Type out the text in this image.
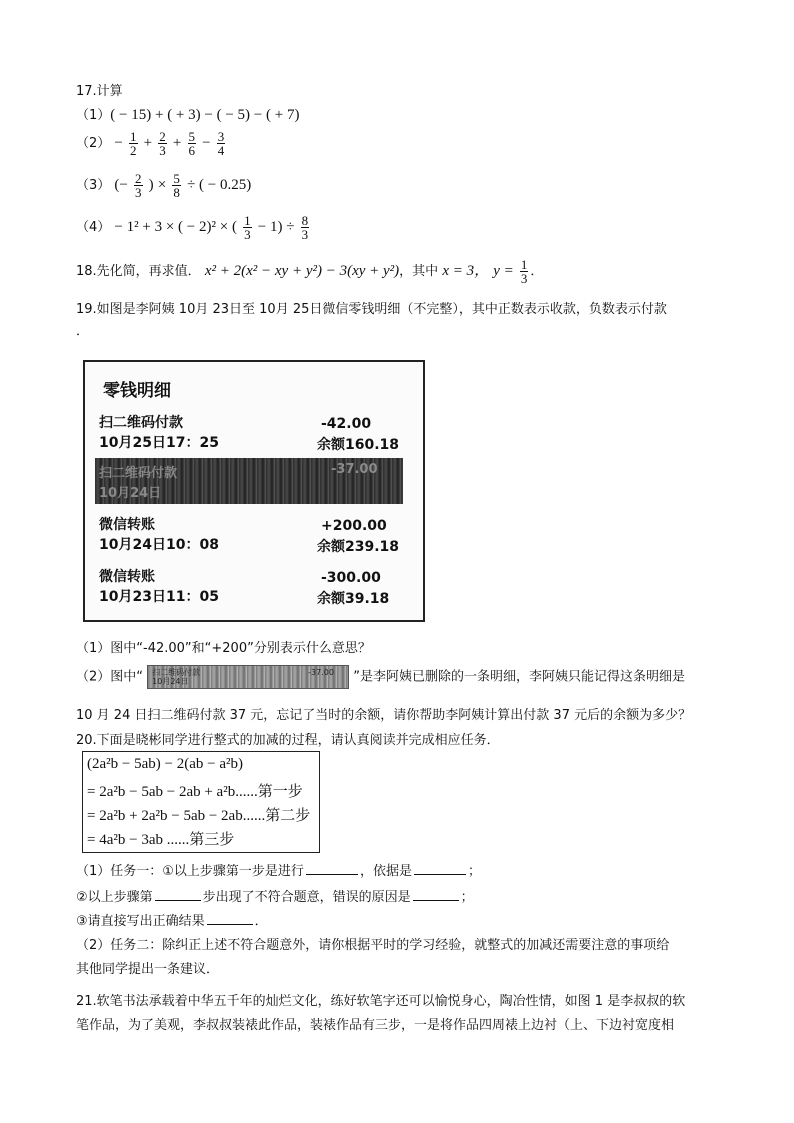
17.计算
（1）( − 15) + ( + 3) − ( − 5) − ( + 7)
$(2) - \frac{1}{2} + \frac{2}{3} + \frac{5}{6} - \frac{3}{4}$
（3） (− $\frac{2}{3}$ ) × $\frac{5}{8}$ ÷ ( − 0.25)
（4） − 1² + 3 × ( − 2)² × ( $\frac{1}{3} - 1) \div \frac{8}{3}$
18.先化简，再求值． x² + 2(x² − xy + y²) − 3(xy + y²)，其中 x = 3， $y = \frac{1}{3}$ ．
19.如图是李阿姨 10月 23日至 10月 25日微信零钱明细（不完整），其中正数表示收款，负数表示付款
．
零钱明细
扫二维码付款
10月25日17：25
-42.00
余额160.18
扫二维码付款
10月24日
-37.00
微信转账
10月24日10：08
+200.00
余额239.18
微信转账
10月23日11：05
-300.00
余额39.18
（1）图中“-42.00”和“+200”分别表示什么意思？
（2）图中“ 扫二维码付款
10月24日
-37.00 ”是李阿姨已删除的一条明细，李阿姨只能记得这条明细是
10 月 24 日扫二维码付款 37 元，忘记了当时的余额，请你帮助李阿姨计算出付款 37 元后的余额为多少？
20.下面是晓彬同学进行整式的加减的过程，请认真阅读并完成相应任务．
(2a²b − 5ab) − 2(ab − a²b)
= 2a²b − 5ab − 2ab + a²b......第一步
= 2a²b + 2a²b − 5ab − 2ab......第二步
= 4a²b − 3ab ......第三步
（1）任务一：①以上步骤第一步是进行	，依据是	；
②以上步骤第	步出现了不符合题意，错误的原因是	；
③请直接写出正确结果	．
（2）任务二：除纠正上述不符合题意外，请你根据平时的学习经验，就整式的加减还需要注意的事项给
其他同学提出一条建议．
21.软笔书法承载着中华五千年的灿烂文化，练好软笔字还可以愉悦身心，陶冶性情，如图 1 是李叔叔的软
笔作品，为了美观，李叔叔装裱此作品，装裱作品有三步，一是将作品四周裱上边衬（上、下边衬宽度相
